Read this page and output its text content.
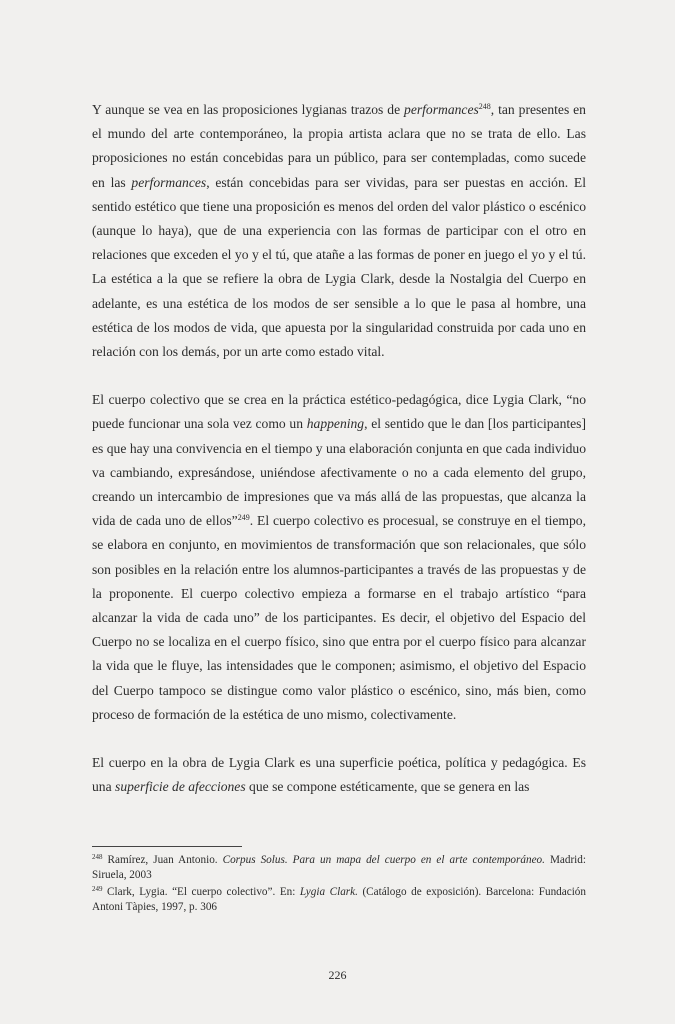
Y aunque se vea en las proposiciones lygianas trazos de performances$^{248}$, tan presentes en el mundo del arte contemporáneo, la propia artista aclara que no se trata de ello. Las proposiciones no están concebidas para un público, para ser contempladas, como sucede en las performances, están concebidas para ser vividas, para ser puestas en acción. El sentido estético que tiene una proposición es menos del orden del valor plástico o escénico (aunque lo haya), que de una experiencia con las formas de participar con el otro en relaciones que exceden el yo y el tú, que atañe a las formas de poner en juego el yo y el tú. La estética a la que se refiere la obra de Lygia Clark, desde la Nostalgia del Cuerpo en adelante, es una estética de los modos de ser sensible a lo que le pasa al hombre, una estética de los modos de vida, que apuesta por la singularidad construida por cada uno en relación con los demás, por un arte como estado vital.

El cuerpo colectivo que se crea en la práctica estético-pedagógica, dice Lygia Clark, “no puede funcionar una sola vez como un happening, el sentido que le dan [los participantes] es que hay una convivencia en el tiempo y una elaboración conjunta en que cada individuo va cambiando, expresándose, uniéndose afectivamente o no a cada elemento del grupo, creando un intercambio de impresiones que va más allá de las propuestas, que alcanza la vida de cada uno de ellos”$^{249}$. El cuerpo colectivo es procesual, se construye en el tiempo, se elabora en conjunto, en movimientos de transformación que son relacionales, que sólo son posibles en la relación entre los alumnos-participantes a través de las propuestas y de la proponente. El cuerpo colectivo empieza a formarse en el trabajo artístico “para alcanzar la vida de cada uno” de los participantes. Es decir, el objetivo del Espacio del Cuerpo no se localiza en el cuerpo físico, sino que entra por el cuerpo físico para alcanzar la vida que le fluye, las intensidades que le componen; asimismo, el objetivo del Espacio del Cuerpo tampoco se distingue como valor plástico o escénico, sino, más bien, como proceso de formación de la estética de uno mismo, colectivamente.

El cuerpo en la obra de Lygia Clark es una superficie poética, política y pedagógica. Es una superficie de afecciones que se compone estéticamente, que se genera en las

$^{248}$ Ramírez, Juan Antonio. Corpus Solus. Para un mapa del cuerpo en el arte contemporáneo. Madrid: Siruela, 2003
$^{249}$ Clark, Lygia. “El cuerpo colectivo”. En: Lygia Clark. (Catálogo de exposición). Barcelona: Fundación Antoni Tàpies, 1997, p. 306
226
